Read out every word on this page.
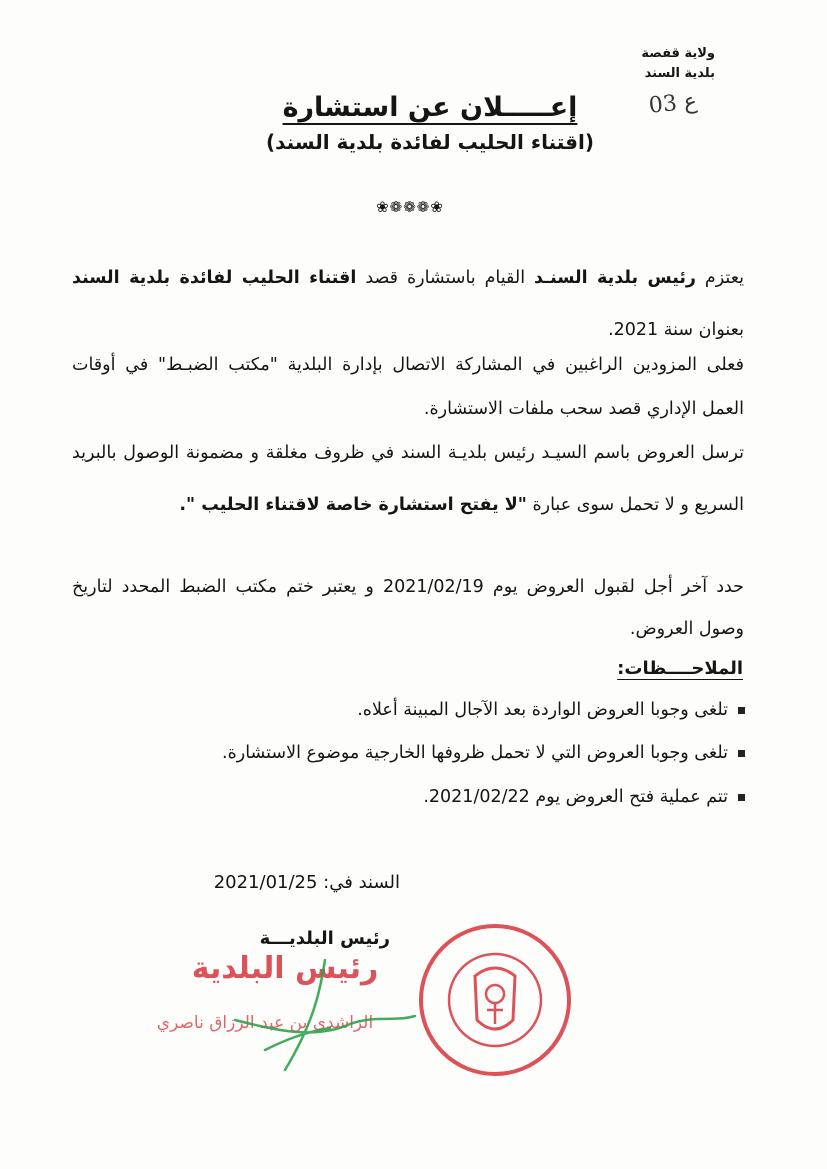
ولاية قفصة
بلدية السند
03 ع
إعـــــلان عن استشارة
(اقتناء الحليب لفائدة بلدية السند)
❀❁❁❁❀
يعتزم رئيس بلدية السنـد القيام باستشارة قصد اقتناء الحليب لفائدة بلدية السند بعنوان سنة 2021.
فعلى المزودين الراغبين في المشاركة الاتصال بإدارة البلدية "مكتب الضبـط" في أوقات العمل الإداري قصد سحب ملفات الاستشارة.
ترسل العروض باسم السيـد رئيس بلديـة السند في ظروف مغلقة و مضمونة الوصول بالبريد السريع و لا تحمل سوى عبارة "لا يفتح استشارة خاصة لاقتناء الحليب ".
حدد آخر أجل لقبول العروض يوم 2021/02/19 و يعتبر ختم مكتب الضبط المحدد لتاريخ وصول العروض.
الملاحــــظات:
تلغى وجوبا العروض الواردة بعد الآجال المبينة أعلاه.
تلغى وجوبا العروض التي لا تحمل ظروفها الخارجية موضوع الاستشارة.
تتم عملية فتح العروض يوم 2021/02/22.
السند في: 2021/01/25
رئيس البلديـــة
رئيس البلدية
الزاشدي بن عبد الرزاق ناصري
